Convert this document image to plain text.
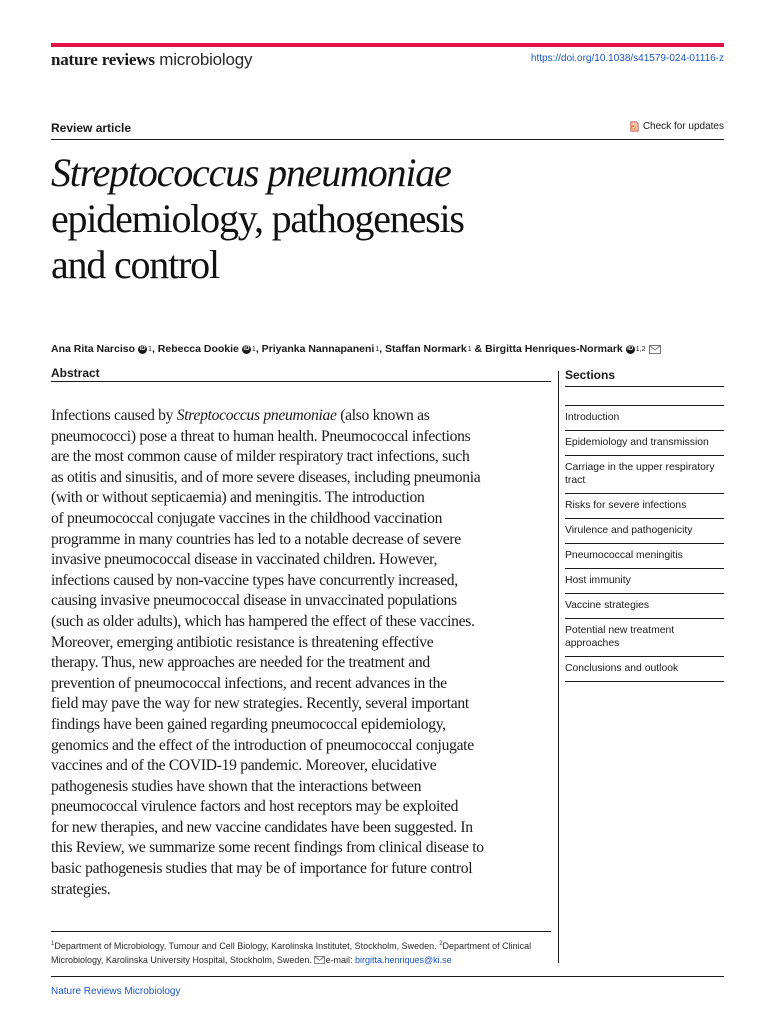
nature reviews microbiology	https://doi.org/10.1038/s41579-024-01116-z
Review article	Check for updates
Streptococcus pneumoniae
epidemiology, pathogenesis
and control
Ana Rita Narciso iD 1 , Rebecca Dookie iD 1 , Priyanka Nannapaneni 1 , Staffan Normark 1 & Birgitta Henriques-Normark iD 1,2
Abstract	Sections
Infections caused by Streptococcus pneumoniae (also known as
pneumococci) pose a threat to human health. Pneumococcal infections
are the most common cause of milder respiratory tract infections, such
as otitis and sinusitis, and of more severe diseases, including pneumonia
(with or without septicaemia) and meningitis. The introduction
of pneumococcal conjugate vaccines in the childhood vaccination
programme in many countries has led to a notable decrease of severe
invasive pneumococcal disease in vaccinated children. However,
infections caused by non-vaccine types have concurrently increased,
causing invasive pneumococcal disease in unvaccinated populations
(such as older adults), which has hampered the effect of these vaccines.
Moreover, emerging antibiotic resistance is threatening effective
therapy. Thus, new approaches are needed for the treatment and
prevention of pneumococcal infections, and recent advances in the
field may pave the way for new strategies. Recently, several important
findings have been gained regarding pneumococcal epidemiology,
genomics and the effect of the introduction of pneumococcal conjugate
vaccines and of the COVID-19 pandemic. Moreover, elucidative
pathogenesis studies have shown that the interactions between
pneumococcal virulence factors and host receptors may be exploited
for new therapies, and new vaccine candidates have been suggested. In
this Review, we summarize some recent findings from clinical disease to
basic pathogenesis studies that may be of importance for future control
strategies.
Introduction
Epidemiology and transmission
Carriage in the upper respiratory tract
Risks for severe infections
Virulence and pathogenicity
Pneumococcal meningitis
Host immunity
Vaccine strategies
Potential new treatment approaches
Conclusions and outlook
$^1$Department of Microbiology, Tumour and Cell Biology, Karolinska Institutet, Stockholm, Sweden. $^2$Department of Clinical Microbiology, Karolinska University Hospital, Stockholm, Sweden. e-mail: birgitta.henriques@ki.se
Nature Reviews Microbiology
